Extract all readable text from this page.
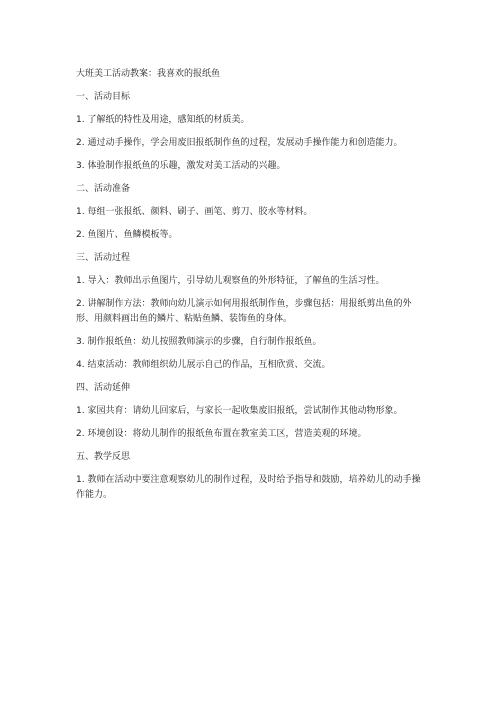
大班美工活动教案：我喜欢的报纸鱼
一、活动目标
1. 了解纸的特性及用途，感知纸的材质美。
2. 通过动手操作，学会用废旧报纸制作鱼的过程，发展动手操作能力和创造能力。
3. 体验制作报纸鱼的乐趣，激发对美工活动的兴趣。
二、活动准备
1. 每组一张报纸、颜料、刷子、画笔、剪刀、胶水等材料。
2. 鱼图片、鱼鳞模板等。
三、活动过程
1. 导入：教师出示鱼图片，引导幼儿观察鱼的外形特征，了解鱼的生活习性。
2. 讲解制作方法：教师向幼儿演示如何用报纸制作鱼，步骤包括：用报纸剪出鱼的外形、用颜料画出鱼的鳞片、粘贴鱼鳞、装饰鱼的身体。
3. 制作报纸鱼：幼儿按照教师演示的步骤，自行制作报纸鱼。
4. 结束活动：教师组织幼儿展示自己的作品，互相欣赏、交流。
四、活动延伸
1. 家园共育：请幼儿回家后，与家长一起收集废旧报纸，尝试制作其他动物形象。
2. 环境创设：将幼儿制作的报纸鱼布置在教室美工区，营造美观的环境。
五、教学反思
1. 教师在活动中要注意观察幼儿的制作过程，及时给予指导和鼓励，培养幼儿的动手操作能力。
